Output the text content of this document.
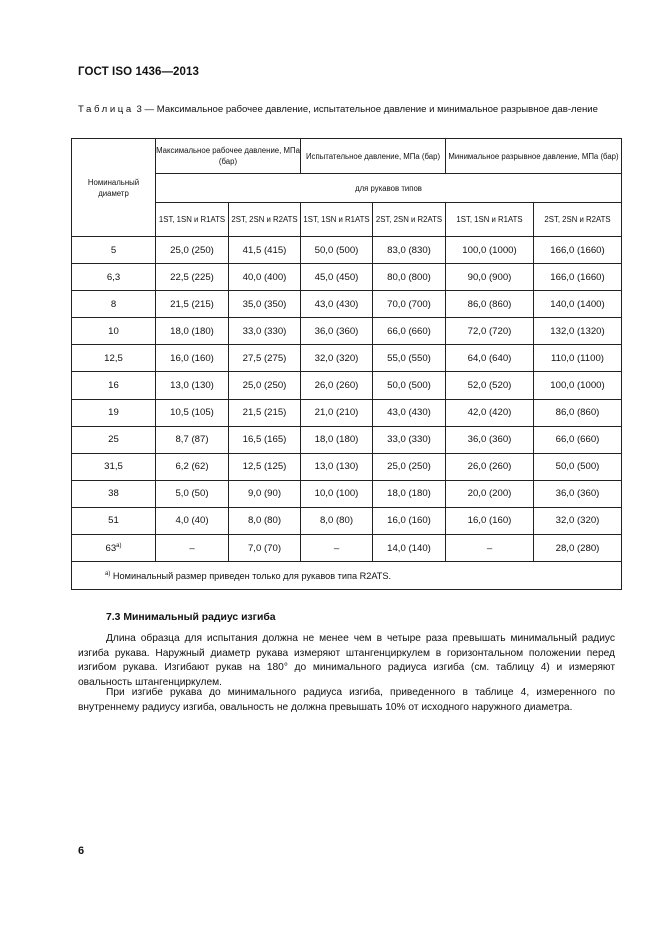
ГОСТ ISO 1436—2013
Таблица 3 — Максимальное рабочее давление, испытательное давление и минимальное разрывное дав-ление
Номинальный диаметр	Максимальное рабочее давление, МПа (бар)		Испытательное давление, МПа (бар)		Минимальное разрывное давление, МПа (бар)	
	для рукавов типов					
	1ST, 1SN и R1ATS	2ST, 2SN и R2ATS	1ST, 1SN и R1ATS	2ST, 2SN и R2ATS	1ST, 1SN и R1ATS	2ST, 2SN и R2ATS
5	25,0 (250)	41,5 (415)	50,0 (500)	83,0 (830)	100,0 (1000)	166,0 (1660)
6,3	22,5 (225)	40,0 (400)	45,0 (450)	80,0 (800)	90,0 (900)	166,0 (1660)
8	21,5 (215)	35,0 (350)	43,0 (430)	70,0 (700)	86,0 (860)	140,0 (1400)
10	18,0 (180)	33,0 (330)	36,0 (360)	66,0 (660)	72,0 (720)	132,0 (1320)
12,5	16,0 (160)	27,5 (275)	32,0 (320)	55,0 (550)	64,0 (640)	110,0 (1100)
16	13,0 (130)	25,0 (250)	26,0 (260)	50,0 (500)	52,0 (520)	100,0 (1000)
19	10,5 (105)	21,5 (215)	21,0 (210)	43,0 (430)	42,0 (420)	86,0 (860)
25	8,7 (87)	16,5 (165)	18,0 (180)	33,0 (330)	36,0 (360)	66,0 (660)
31,5	6,2 (62)	12,5 (125)	13,0 (130)	25,0 (250)	26,0 (260)	50,0 (500)
38	5,0 (50)	9,0 (90)	10,0 (100)	18,0 (180)	20,0 (200)	36,0 (360)
51	4,0 (40)	8,0 (80)	8,0 (80)	16,0 (160)	16,0 (160)	32,0 (320)
$63^{а)}$	–	7,0 (70)	–	14,0 (140)	–	28,0 (280)
$^{а)}$ Номинальный размер приведен только для рукавов типа R2ATS.						
7.3 Минимальный радиус изгиба

Длина образца для испытания должна не менее чем в четыре раза превышать минимальный радиус изгиба рукава. Наружный диаметр рукава измеряют штангенциркулем в горизонтальном положении перед изгибом рукава. Изгибают рукав на 180° до минимального радиуса изгиба (см. таблицу 4) и измеряют овальность штангенциркулем.

При изгибе рукава до минимального радиуса изгиба, приведенного в таблице 4, измеренного по внутреннему радиусу изгиба, овальность не должна превышать 10% от исходного наружного диаметра.

6
